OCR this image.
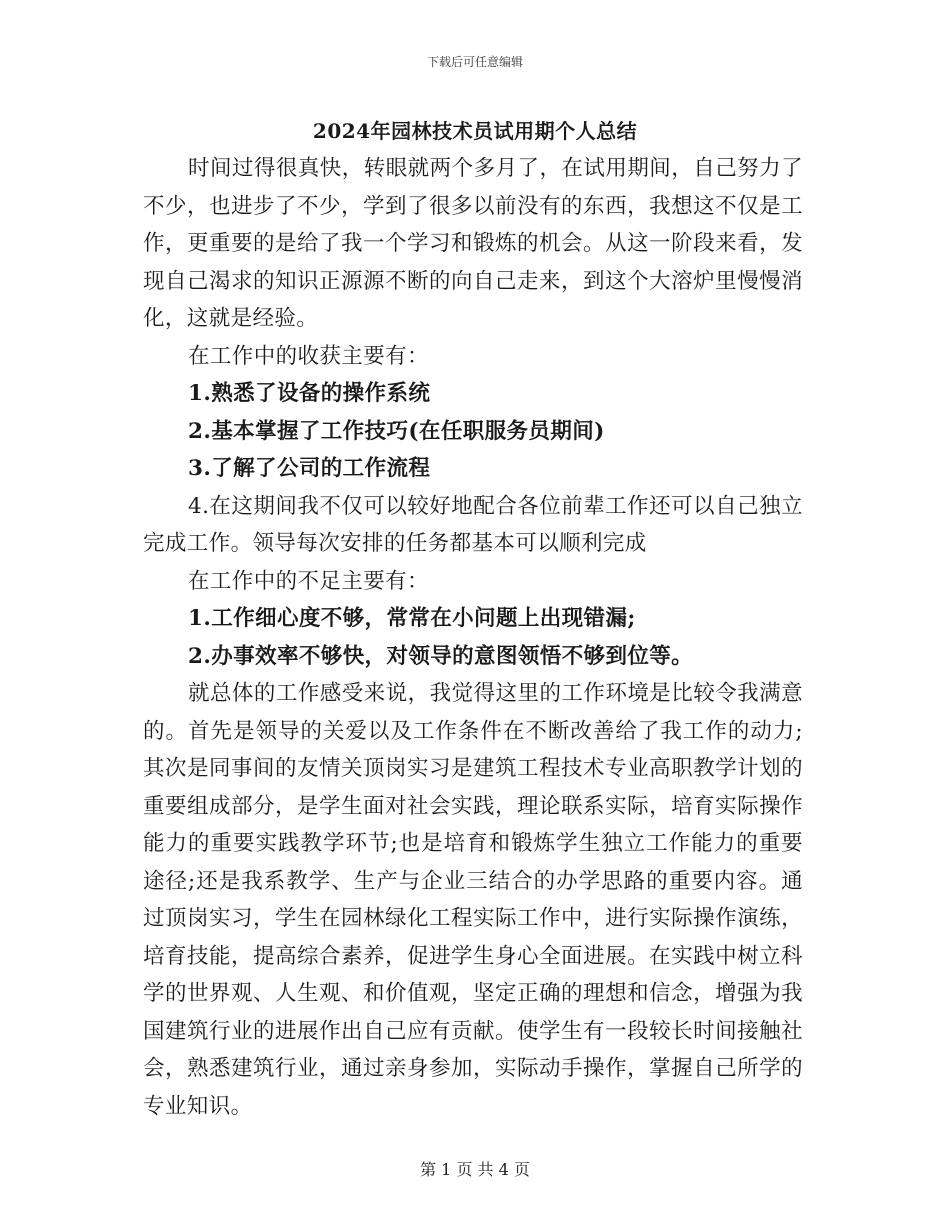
下载后可任意编辑
2024年园林技术员试用期个人总结

时间过得很真快，转眼就两个多月了，在试用期间，自己努力了不少，也进步了不少，学到了很多以前没有的东西，我想这不仅是工作，更重要的是给了我一个学习和锻炼的机会。从这一阶段来看，发现自己渴求的知识正源源不断的向自己走来，到这个大溶炉里慢慢消化，这就是经验。

在工作中的收获主要有：

1.熟悉了设备的操作系统

2.基本掌握了工作技巧(在任职服务员期间)

3.了解了公司的工作流程

4.在这期间我不仅可以较好地配合各位前辈工作还可以自己独立完成工作。领导每次安排的任务都基本可以顺利完成

在工作中的不足主要有：

1.工作细心度不够，常常在小问题上出现错漏;

2.办事效率不够快，对领导的意图领悟不够到位等。

就总体的工作感受来说，我觉得这里的工作环境是比较令我满意的。首先是领导的关爱以及工作条件在不断改善给了我工作的动力;其次是同事间的友情关顶岗实习是建筑工程技术专业高职教学计划的重要组成部分，是学生面对社会实践，理论联系实际，培育实际操作能力的重要实践教学环节;也是培育和锻炼学生独立工作能力的重要途径;还是我系教学、生产与企业三结合的办学思路的重要内容。通过顶岗实习，学生在园林绿化工程实际工作中，进行实际操作演练，培育技能，提高综合素养，促进学生身心全面进展。在实践中树立科学的世界观、人生观、和价值观，坚定正确的理想和信念，增强为我国建筑行业的进展作出自己应有贡献。使学生有一段较长时间接触社会，熟悉建筑行业，通过亲身参加，实际动手操作，掌握自己所学的专业知识。

第 1 页 共 4 页
